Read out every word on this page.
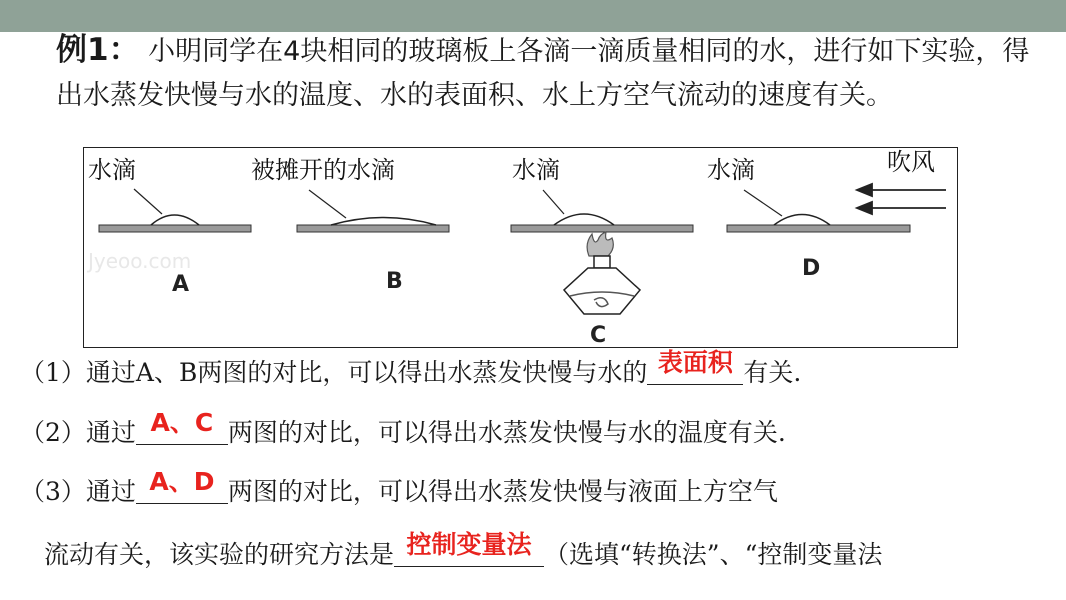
例1： 小明同学在4块相同的玻璃板上各滴一滴质量相同的水，进行如下实验，得出水蒸发快慢与水的温度、水的表面积、水上方空气流动的速度有关。
Jyeoo.com
水滴
A
被摊开的水滴
B
水滴
C
水滴
D
吹风
（1）通过A、B两图的对比，可以得出水蒸发快慢与水的 表面积 有关.
（2）通过 A、C 两图的对比，可以得出水蒸发快慢与水的温度有关.
（3）通过 A、D 两图的对比，可以得出水蒸发快慢与液面上方空气
流动有关，该实验的研究方法是 控制变量法 （选填“转换法”、“控制变量法
